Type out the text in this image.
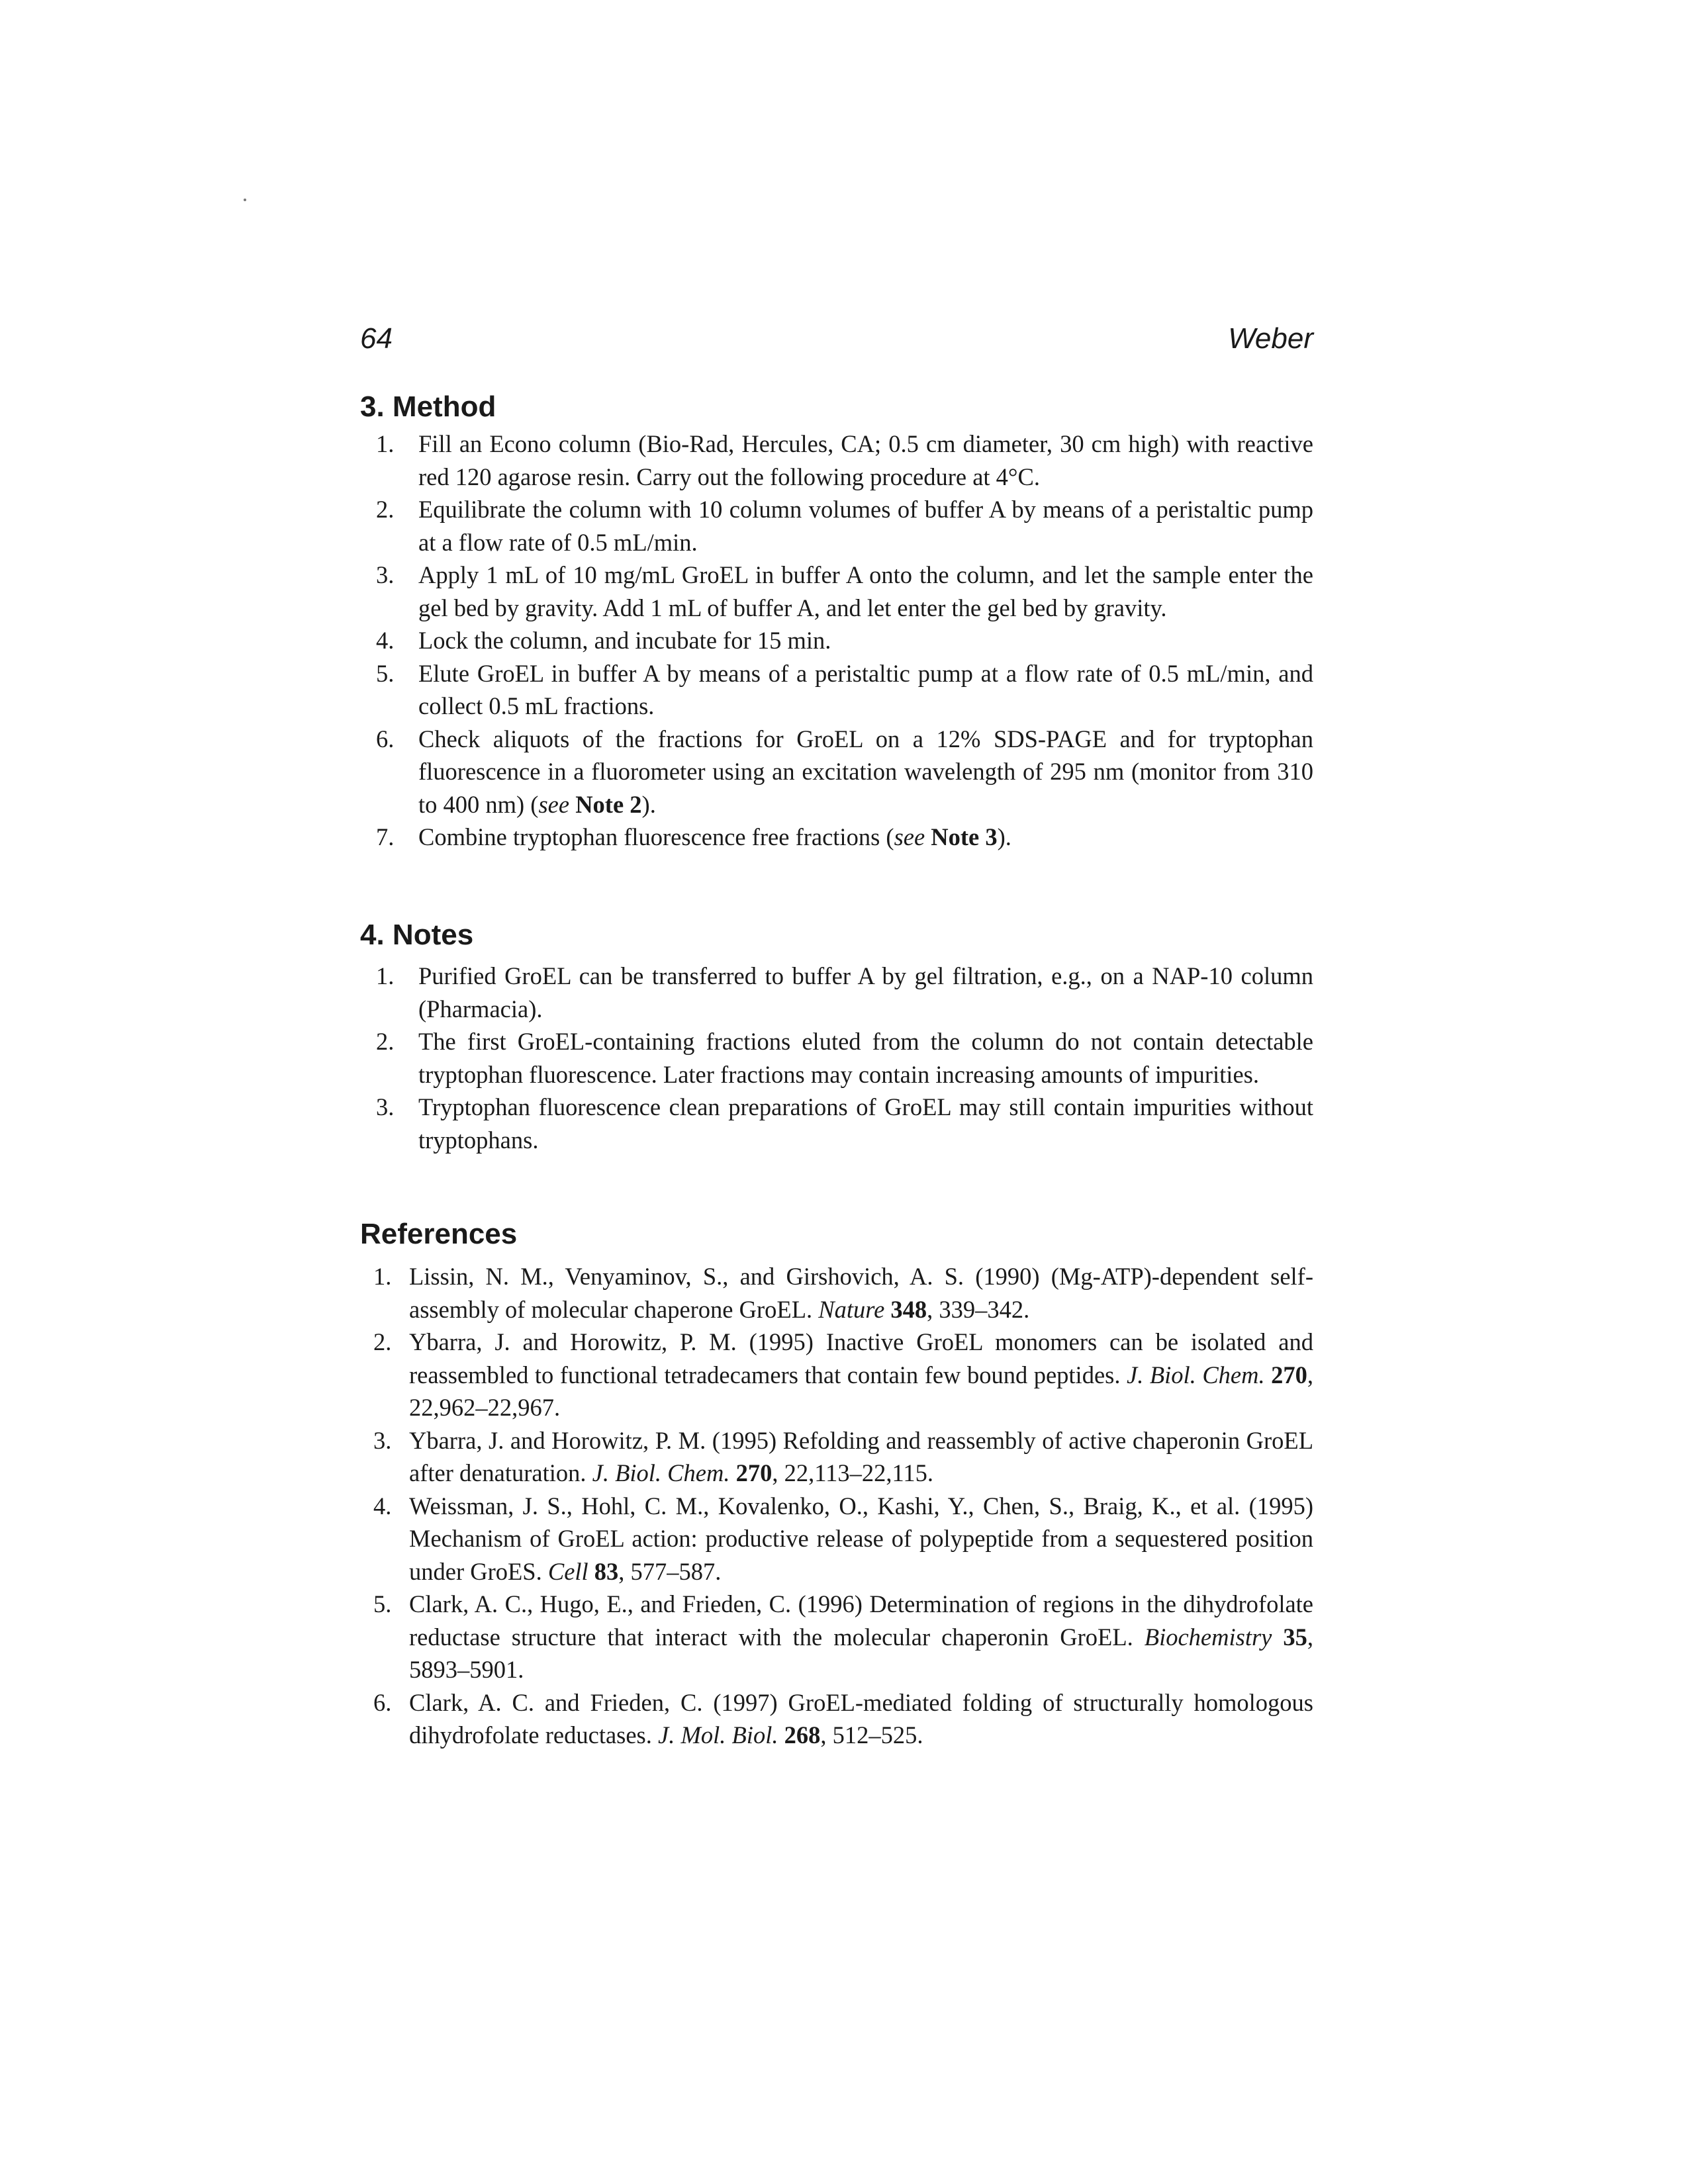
64	Weber
3. Method
1. Fill an Econo column (Bio-Rad, Hercules, CA; 0.5 cm diameter, 30 cm high) with reactive red 120 agarose resin. Carry out the following procedure at 4°C.
2. Equilibrate the column with 10 column volumes of buffer A by means of a peristaltic pump at a flow rate of 0.5 mL/min.
3. Apply 1 mL of 10 mg/mL GroEL in buffer A onto the column, and let the sample enter the gel bed by gravity. Add 1 mL of buffer A, and let enter the gel bed by gravity.
4. Lock the column, and incubate for 15 min.
5. Elute GroEL in buffer A by means of a peristaltic pump at a flow rate of 0.5 mL/min, and collect 0.5 mL fractions.
6. Check aliquots of the fractions for GroEL on a 12% SDS-PAGE and for tryptophan fluorescence in a fluorometer using an excitation wavelength of 295 nm (monitor from 310 to 400 nm) (see Note 2).
7. Combine tryptophan fluorescence free fractions (see Note 3).
4. Notes
1. Purified GroEL can be transferred to buffer A by gel filtration, e.g., on a NAP-10 column (Pharmacia).
2. The first GroEL-containing fractions eluted from the column do not contain detectable tryptophan fluorescence. Later fractions may contain increasing amounts of impurities.
3. Tryptophan fluorescence clean preparations of GroEL may still contain impurities without tryptophans.
References
1. Lissin, N. M., Venyaminov, S., and Girshovich, A. S. (1990) (Mg-ATP)-dependent self-assembly of molecular chaperone GroEL. Nature 348, 339–342.
2. Ybarra, J. and Horowitz, P. M. (1995) Inactive GroEL monomers can be isolated and reassembled to functional tetradecamers that contain few bound peptides. J. Biol. Chem. 270, 22,962–22,967.
3. Ybarra, J. and Horowitz, P. M. (1995) Refolding and reassembly of active chaperonin GroEL after denaturation. J. Biol. Chem. 270, 22,113–22,115.
4. Weissman, J. S., Hohl, C. M., Kovalenko, O., Kashi, Y., Chen, S., Braig, K., et al. (1995) Mechanism of GroEL action: productive release of polypeptide from a sequestered position under GroES. Cell 83, 577–587.
5. Clark, A. C., Hugo, E., and Frieden, C. (1996) Determination of regions in the dihydrofolate reductase structure that interact with the molecular chaperonin GroEL. Biochemistry 35, 5893–5901.
6. Clark, A. C. and Frieden, C. (1997) GroEL-mediated folding of structurally homologous dihydrofolate reductases. J. Mol. Biol. 268, 512–525.
